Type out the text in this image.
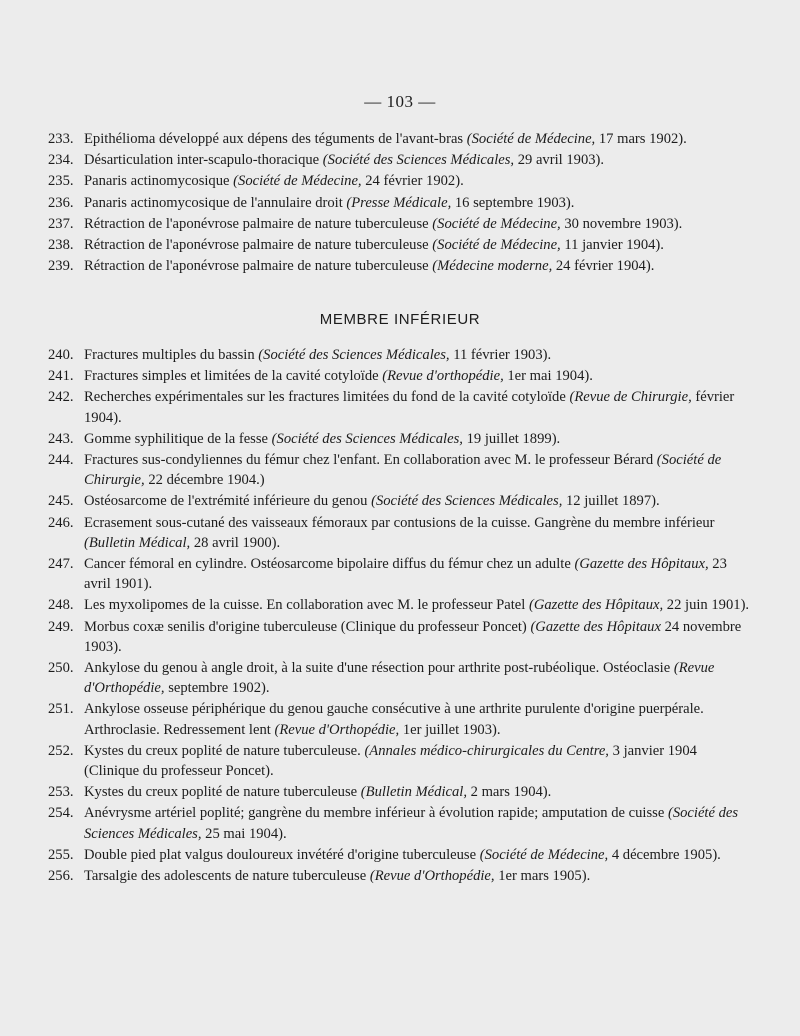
— 103 —

233. Epithélioma développé aux dépens des téguments de l'avant-bras (Société de Médecine, 17 mars 1902).

234. Désarticulation inter-scapulo-thoracique (Société des Sciences Médicales, 29 avril 1903).

235. Panaris actinomycosique (Société de Médecine, 24 février 1902).

236. Panaris actinomycosique de l'annulaire droit (Presse Médicale, 16 septembre 1903).

237. Rétraction de l'aponévrose palmaire de nature tuberculeuse (Société de Médecine, 30 novembre 1903).

238. Rétraction de l'aponévrose palmaire de nature tuberculeuse (Société de Médecine, 11 janvier 1904).

239. Rétraction de l'aponévrose palmaire de nature tuberculeuse (Médecine moderne, 24 février 1904).

MEMBRE INFÉRIEUR

240. Fractures multiples du bassin (Société des Sciences Médicales, 11 février 1903).

241. Fractures simples et limitées de la cavité cotyloïde (Revue d'orthopédie, 1er mai 1904).

242. Recherches expérimentales sur les fractures limitées du fond de la cavité cotyloïde (Revue de Chirurgie, février 1904).

243. Gomme syphilitique de la fesse (Société des Sciences Médicales, 19 juillet 1899).

244. Fractures sus-condyliennes du fémur chez l'enfant. En collaboration avec M. le professeur Bérard (Société de Chirurgie, 22 décembre 1904.)

245. Ostéosarcome de l'extrémité inférieure du genou (Société des Sciences Médicales, 12 juillet 1897).

246. Ecrasement sous-cutané des vaisseaux fémoraux par contusions de la cuisse. Gangrène du membre inférieur (Bulletin Médical, 28 avril 1900).

247. Cancer fémoral en cylindre. Ostéosarcome bipolaire diffus du fémur chez un adulte (Gazette des Hôpitaux, 23 avril 1901).

248. Les myxolipomes de la cuisse. En collaboration avec M. le professeur Patel (Gazette des Hôpitaux, 22 juin 1901).

249. Morbus coxæ senilis d'origine tuberculeuse (Clinique du professeur Poncet) (Gazette des Hôpitaux 24 novembre 1903).

250. Ankylose du genou à angle droit, à la suite d'une résection pour arthrite post-rubéolique. Ostéoclasie (Revue d'Orthopédie, septembre 1902).

251. Ankylose osseuse périphérique du genou gauche consécutive à une arthrite purulente d'origine puerpérale. Arthroclasie. Redressement lent (Revue d'Orthopédie, 1er juillet 1903).

252. Kystes du creux poplité de nature tuberculeuse. (Annales médico-chirurgicales du Centre, 3 janvier 1904 (Clinique du professeur Poncet).

253. Kystes du creux poplité de nature tuberculeuse (Bulletin Médical, 2 mars 1904).

254. Anévrysme artériel poplité; gangrène du membre inférieur à évolution rapide; amputation de cuisse (Société des Sciences Médicales, 25 mai 1904).

255. Double pied plat valgus douloureux invétéré d'origine tuberculeuse (Société de Médecine, 4 décembre 1905).

256. Tarsalgie des adolescents de nature tuberculeuse (Revue d'Orthopédie, 1er mars 1905).
